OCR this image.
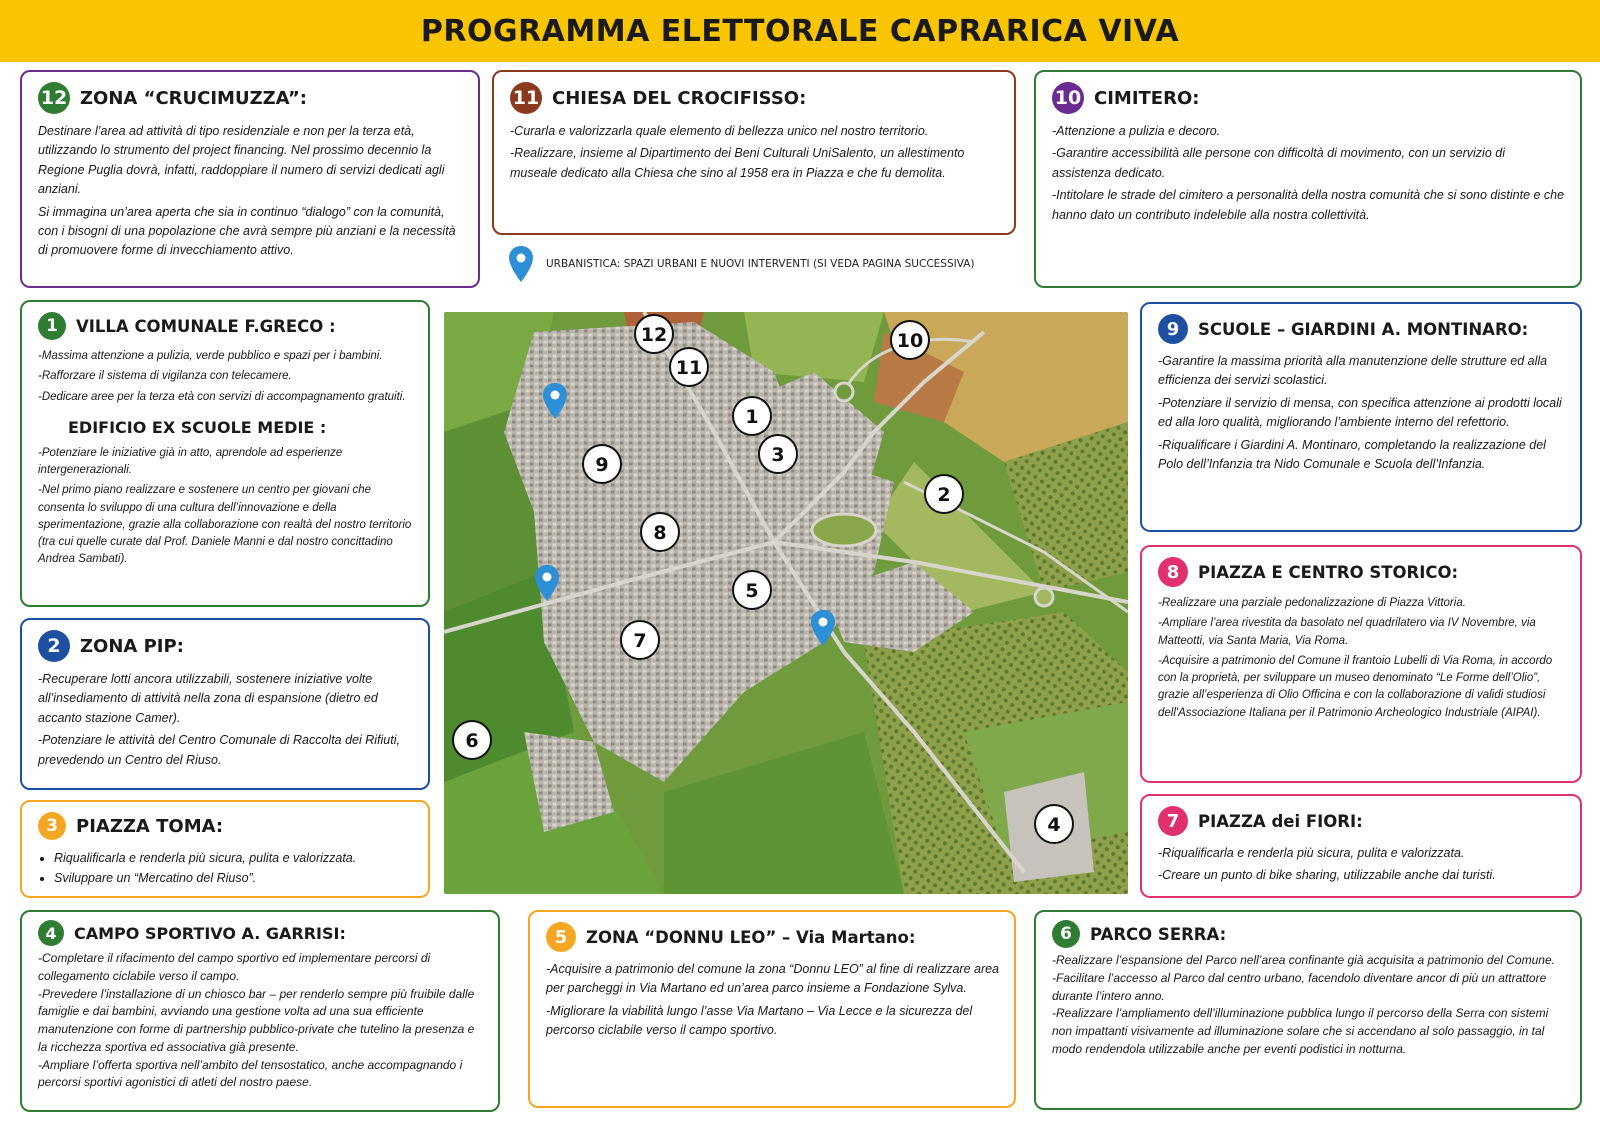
PROGRAMMA ELETTORALE CAPRARICA VIVA
12 ZONA “CRUCIMUZZA”:

Destinare l’area ad attività di tipo residenziale e non per la terza età, utilizzando lo strumento del project financing. Nel prossimo decennio la Regione Puglia dovrà, infatti, raddoppiare il numero di servizi dedicati agli anziani.

Si immagina un’area aperta che sia in continuo “dialogo” con la comunità, con i bisogni di una popolazione che avrà sempre più anziani e la necessità di promuovere forme di invecchiamento attivo.

11 CHIESA DEL CROCIFISSO:

-Curarla e valorizzarla quale elemento di bellezza unico nel nostro territorio.

-Realizzare, insieme al Dipartimento dei Beni Culturali UniSalento, un allestimento museale dedicato alla Chiesa che sino al 1958 era in Piazza e che fu demolita.

URBANISTICA: SPAZI URBANI E NUOVI INTERVENTI (SI VEDA PAGINA SUCCESSIVA)
10 CIMITERO:

-Attenzione a pulizia e decoro.

-Garantire accessibilità alle persone con difficoltà di movimento, con un servizio di assistenza dedicato.

-Intitolare le strade del cimitero a personalità della nostra comunità che si sono distinte e che hanno dato un contributo indelebile alla nostra collettività.

1	VILLA COMUNALE F.GRECO :

-Massima attenzione a pulizia, verde pubblico e spazi per i bambini.

-Rafforzare il sistema di vigilanza con telecamere.

-Dedicare aree per la terza età con servizi di accompagnamento gratuiti.

EDIFICIO EX SCUOLE MEDIE :

-Potenziare le iniziative già in atto, aprendole ad esperienze intergenerazionali.

-Nel primo piano realizzare e sostenere un centro per giovani che consenta lo sviluppo di una cultura dell’innovazione e della sperimentazione, grazie alla collaborazione con realtà del nostro territorio (tra cui quelle curate dal Prof. Daniele Manni e dal nostro concittadino Andrea Sambati).

12
11
10
1
3
9
2
8
5
7
6
4
9	SCUOLE – GIARDINI A. MONTINARO:

-Garantire la massima priorità alla manutenzione delle strutture ed alla efficienza dei servizi scolastici.

-Potenziare il servizio di mensa, con specifica attenzione ai prodotti locali ed alla loro qualità, migliorando l’ambiente interno del refettorio.

-Riqualificare i Giardini A. Montinaro, completando la realizzazione del Polo dell’Infanzia tra Nido Comunale e Scuola dell’Infanzia.

2	ZONA PIP:

-Recuperare lotti ancora utilizzabili, sostenere iniziative volte all’insediamento di attività nella zona di espansione (dietro ed accanto stazione Camer).

-Potenziare le attività del Centro Comunale di Raccolta dei Rifiuti, prevedendo un Centro del Riuso.

8	PIAZZA E CENTRO STORICO:

-Realizzare una parziale pedonalizzazione di Piazza Vittoria.

-Ampliare l’area rivestita da basolato nel quadrilatero via IV Novembre, via Matteotti, via Santa Maria, Via Roma.

-Acquisire a patrimonio del Comune il frantoio Lubelli di Via Roma, in accordo con la proprietà, per sviluppare un museo denominato “Le Forme dell’Olio”, grazie all’esperienza di Olio Officina e con la collaborazione di validi studiosi dell'Associazione Italiana per il Patrimonio Archeologico Industriale (AIPAI).

3	PIAZZA TOMA:
• Riqualificarla e renderla più sicura, pulita e valorizzata.
• Sviluppare un “Mercatino del Riuso”.
7	PIAZZA dei FIORI:

-Riqualificarla e renderla più sicura, pulita e valorizzata.

-Creare un punto di bike sharing, utilizzabile anche dai turisti.

4	CAMPO SPORTIVO A. GARRISI:

-Completare il rifacimento del campo sportivo ed implementare percorsi di collegamento ciclabile verso il campo.

-Prevedere l’installazione di un chiosco bar – per renderlo sempre più fruibile dalle famiglie e dai bambini, avviando una gestione volta ad una sua efficiente manutenzione con forme di partnership pubblico-private che tutelino la presenza e la ricchezza sportiva ed associativa già presente.

-Ampliare l’offerta sportiva nell’ambito del tensostatico, anche accompagnando i percorsi sportivi agonistici di atleti del nostro paese.

5	ZONA “DONNU LEO” – Via Martano:

-Acquisire a patrimonio del comune la zona “Donnu LEO” al fine di realizzare area per parcheggi in Via Martano ed un’area parco insieme a Fondazione Sylva.

-Migliorare la viabilità lungo l’asse Via Martano – Via Lecce e la sicurezza del percorso ciclabile verso il campo sportivo.

6	PARCO SERRA:

-Realizzare l’espansione del Parco nell’area confinante già acquisita a patrimonio del Comune.

-Facilitare l’accesso al Parco dal centro urbano, facendolo diventare ancor di più un attrattore durante l’intero anno.

-Realizzare l’ampliamento dell’illuminazione pubblica lungo il percorso della Serra con sistemi non impattanti visivamente ad illuminazione solare che si accendano al solo passaggio, in tal modo rendendola utilizzabile anche per eventi podistici in notturna.
